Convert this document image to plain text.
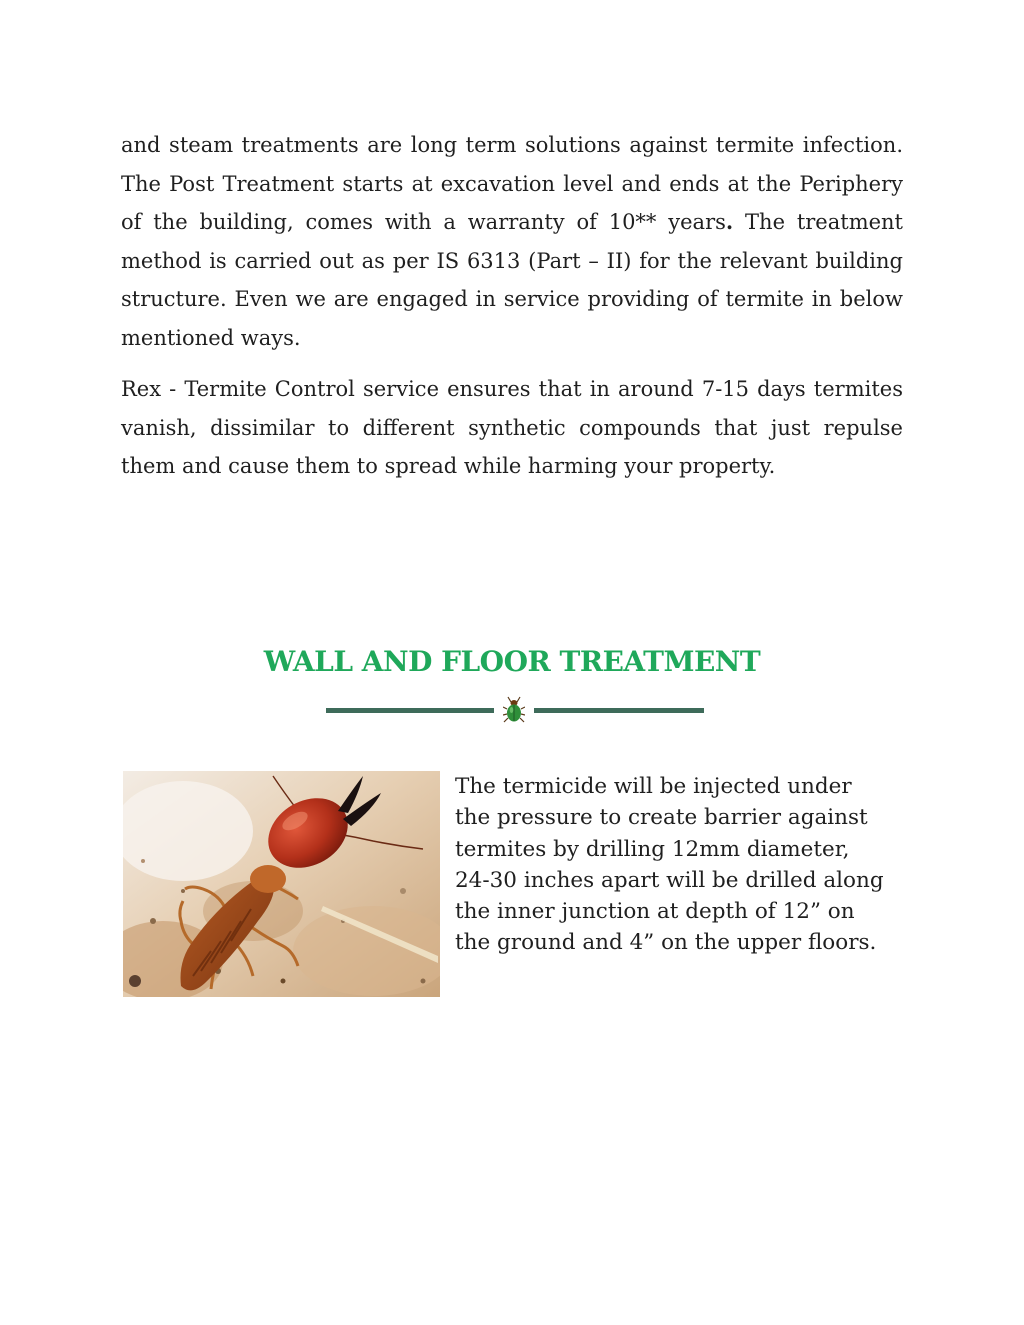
and steam treatments are long term solutions against termite infection. The Post Treatment starts at excavation level and ends at the Periphery of the building, comes with a warranty of 10** years. The treatment method is carried out as per IS 6313 (Part – II) for the relevant building structure. Even we are engaged in service providing of termite in below mentioned ways.

Rex - Termite Control service ensures that in around 7-15 days termites vanish, dissimilar to different synthetic compounds that just repulse them and cause them to spread while harming your property.

WALL AND FLOOR TREATMENT

The termicide will be injected under
the pressure to create barrier against
termites by drilling 12mm diameter,
24-30 inches apart will be drilled along
the inner junction at depth of 12” on
the ground and 4” on the upper floors.
